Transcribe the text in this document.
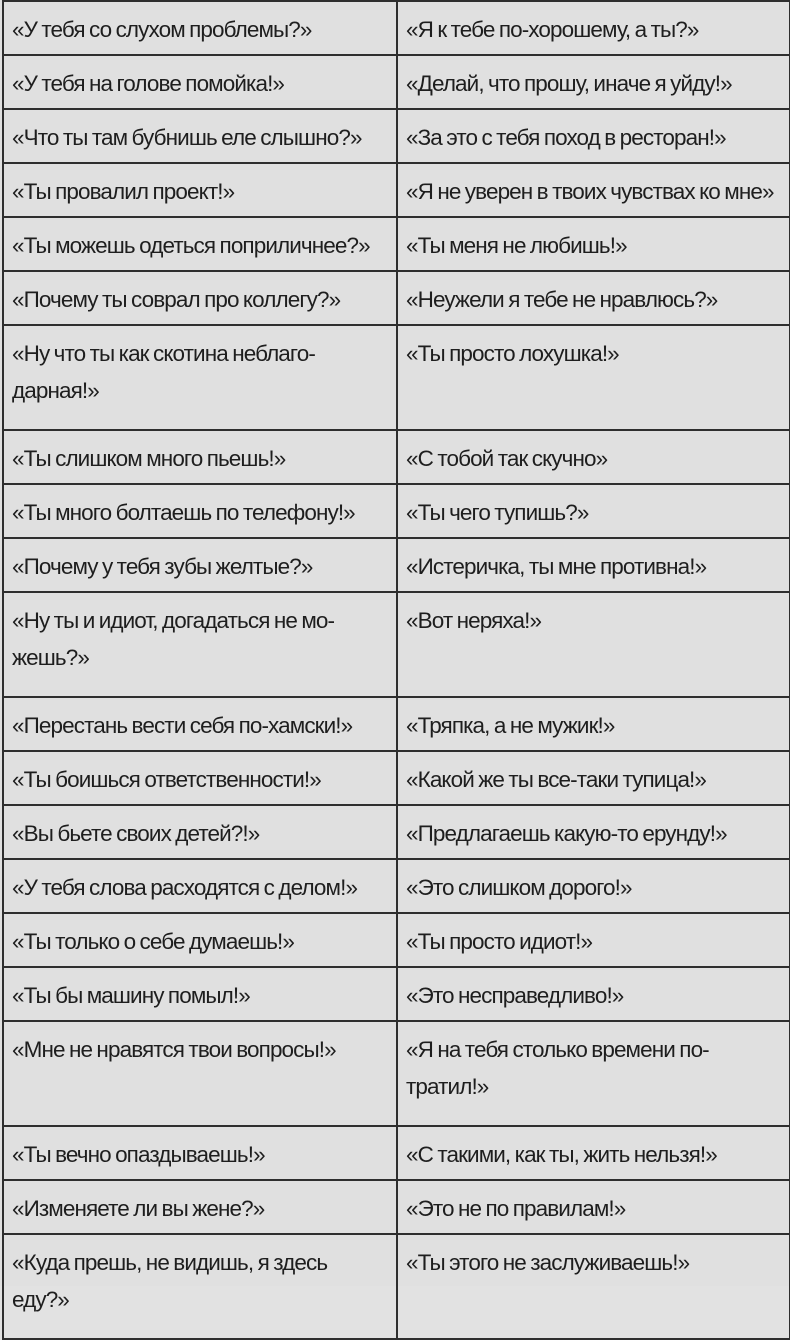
«У тебя со слухом проблемы?»	«Я к тебе по-хорошему, а ты?»

«У тебя на голове помойка!»	«Делай, что прошу, иначе я уйду!»

«Что ты там бубнишь еле слышно?»	«За это с тебя поход в ресторан!»

«Ты провалил проект!»	«Я не уверен в твоих чувствах ко мне»

«Ты можешь одеться поприличнее?»	«Ты меня не любишь!»

«Почему ты соврал про коллегу?»	«Неужели я тебе не нравлюсь?»

«Ну что ты как скотина неблаго-
дарная!»	«Ты просто лохушка!»

«Ты слишком много пьешь!»	«С тобой так скучно»

«Ты много болтаешь по телефону!»	«Ты чего тупишь?»

«Почему у тебя зубы желтые?»	«Истеричка, ты мне противна!»

«Ну ты и идиот, догадаться не мо-
жешь?»	«Вот неряха!»

«Перестань вести себя по-хамски!»	«Тряпка, а не мужик!»

«Ты боишься ответственности!»	«Какой же ты все-таки тупица!»

«Вы бьете своих детей?!»	«Предлагаешь какую-то ерунду!»

«У тебя слова расходятся с делом!»	«Это слишком дорого!»

«Ты только о себе думаешь!»	«Ты просто идиот!»

«Ты бы машину помыл!»	«Это несправедливо!»

«Мне не нравятся твои вопросы!»	«Я на тебя столько времени по-
тратил!»

«Ты вечно опаздываешь!»	«С такими, как ты, жить нельзя!»

«Изменяете ли вы жене?»	«Это не по правилам!»

«Куда прешь, не видишь, я здесь
еду?»	«Ты этого не заслуживаешь!»
